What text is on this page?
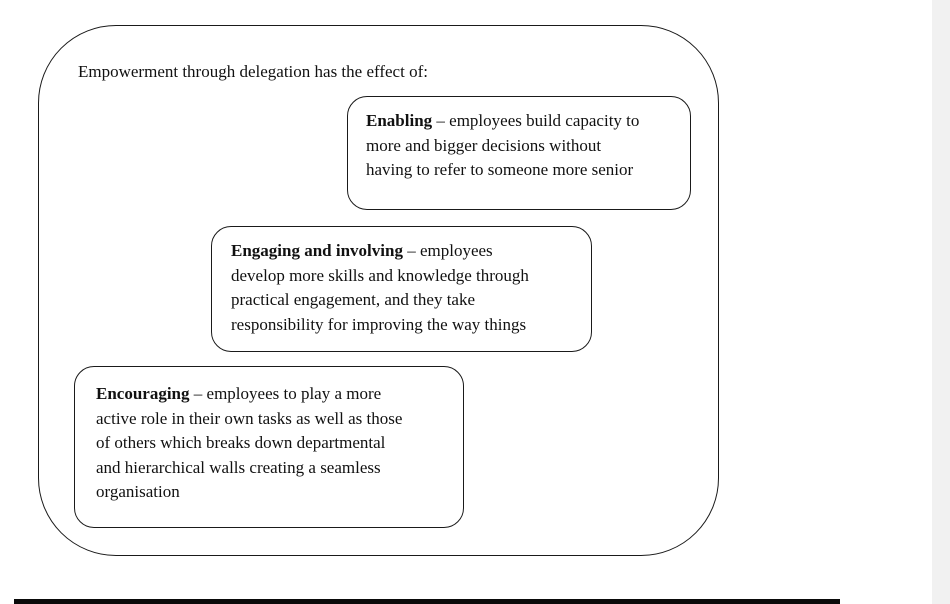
Empowerment through delegation has the effect of:
Enabling – employees build capacity to
more and bigger decisions without
having to refer to someone more senior
Engaging and involving – employees
develop more skills and knowledge through
practical engagement, and they take
responsibility for improving the way things
Encouraging – employees to play a more
active role in their own tasks as well as those
of others which breaks down departmental
and hierarchical walls creating a seamless
organisation
